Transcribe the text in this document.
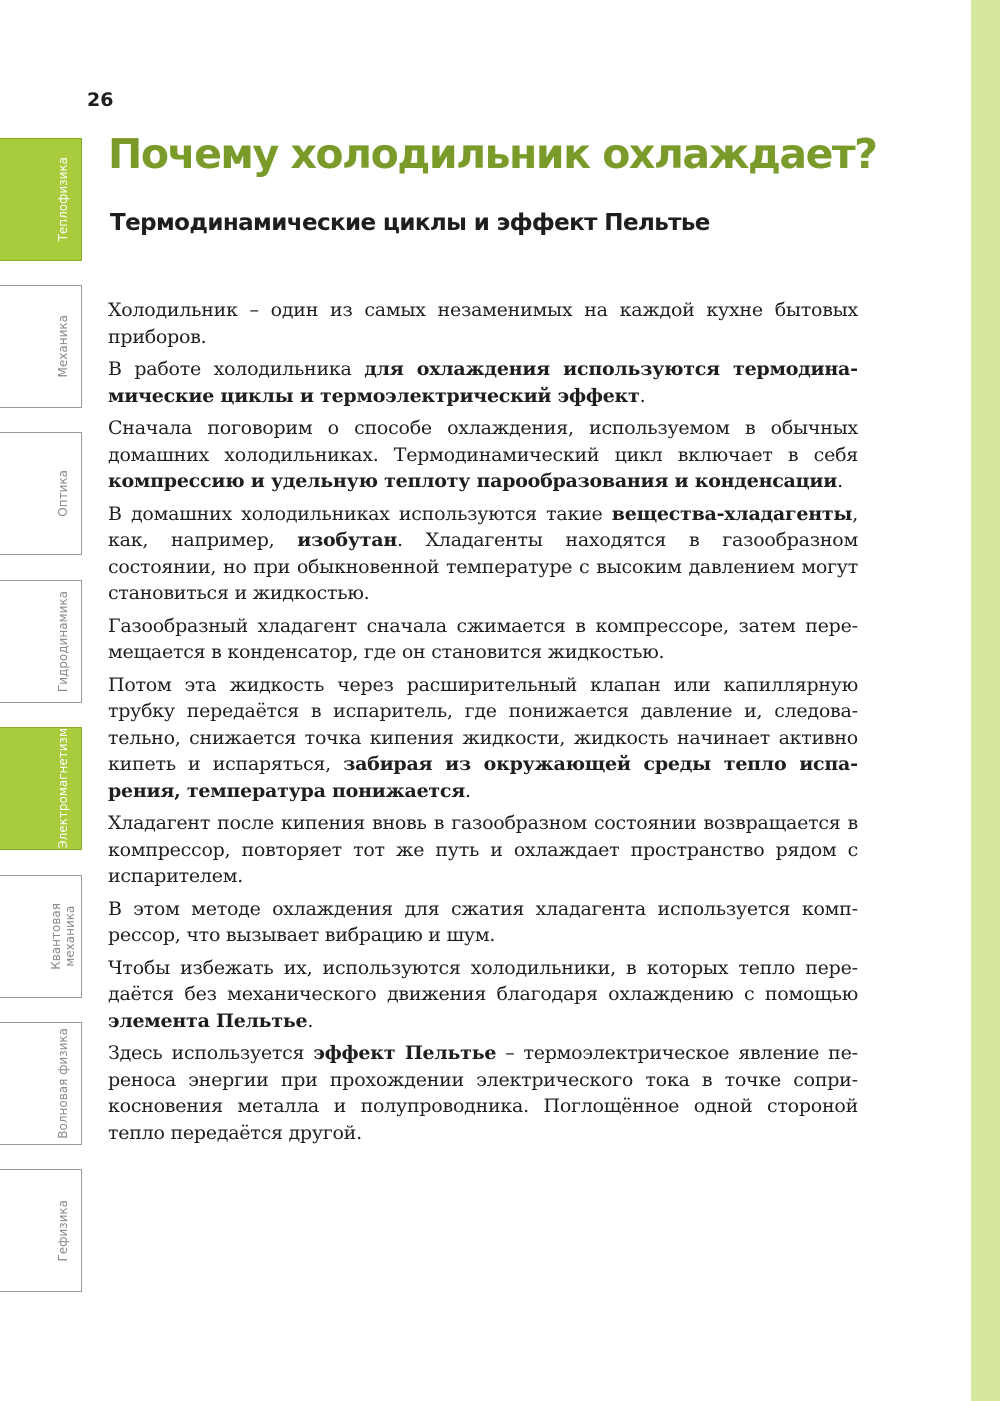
Теплофизика
Механика
Оптика
Гидродинамика
Электромагнетизм
Квантовая
механика
Волновая физика
Гефизика
26
Почему холодильник охлаждает?
Термодинамические циклы и эффект Пельтье

Холодильник – один из самых незаменимых на каждой кухне бытовых приборов.

В работе холодильника для охлаждения используются термодинамические циклы и термоэлектрический эффект.

Сначала поговорим о способе охлаждения, используемом в обычных домашних холодильниках. Термодинамический цикл включает в себя компрессию и удельную теплоту парообразования и конденсации.

В домашних холодильниках используются такие вещества-хладагенты, как, например, изобутан. Хладагенты находятся в газообразном состоянии, но при обыкновенной температуре с высоким давлением могут становиться и жидкостью.

Газообразный хладагент сначала сжимается в компрессоре, затем перемещается в конденсатор, где он становится жидкостью.

Потом эта жидкость через расширительный клапан или капиллярную трубку передаётся в испаритель, где понижается давление и, следовательно, снижается точка кипения жидкости, жидкость начинает активно кипеть и испаряться, забирая из окружающей среды тепло испарения, температура понижается.

Хладагент после кипения вновь в газообразном состоянии возвращается в компрессор, повторяет тот же путь и охлаждает пространство рядом с испарителем.

В этом методе охлаждения для сжатия хладагента используется компрессор, что вызывает вибрацию и шум.

Чтобы избежать их, используются холодильники, в которых тепло передаётся без механического движения благодаря охлаждению с помощью элемента Пельтье.

Здесь используется эффект Пельтье – термоэлектрическое явление переноса энергии при прохождении электрического тока в точке соприкосновения металла и полупроводника. Поглощённое одной стороной тепло передаётся другой.
